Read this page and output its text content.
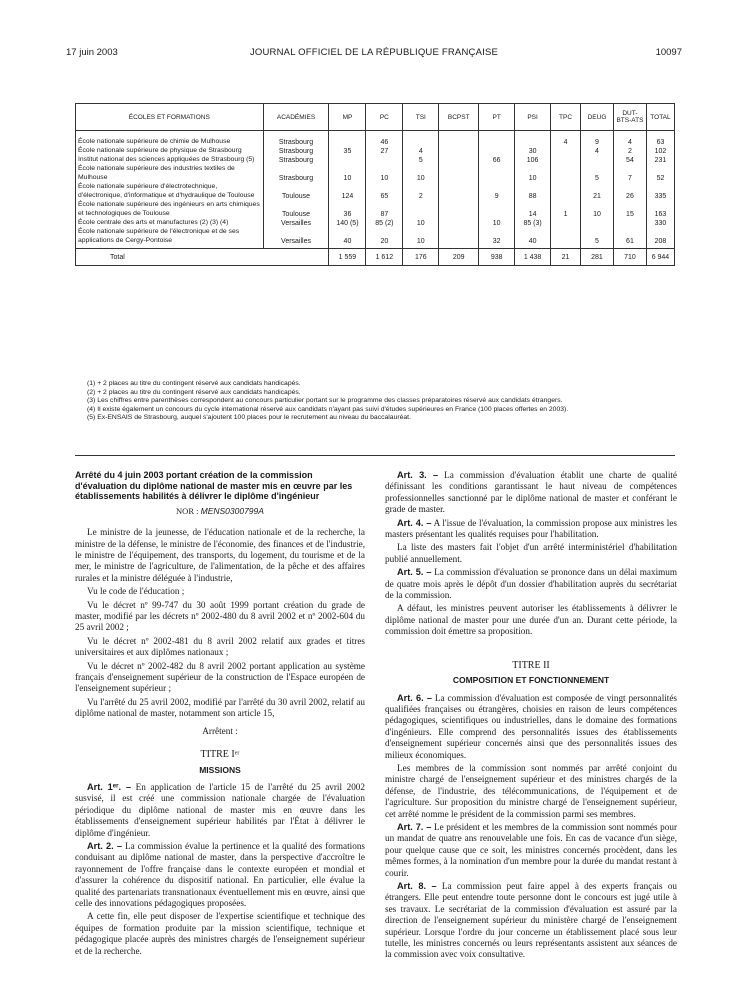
17 juin 2003	JOURNAL OFFICIEL DE LA RÉPUBLIQUE FRANÇAISE	10097
ÉCOLES ET FORMATIONS	ACADÉMIES	MP	PC	TSI	BCPST	PT	PSI	TPC	DEUG	DUT-BTS-ATS	TOTAL
École nationale supérieure de chimie de Mulhouse	Strasbourg		46					4	9	4	63
École nationale supérieure de physique de Strasbourg	Strasbourg	35	27	4			30		4	2	102
Institut national des sciences appliquées de Strasbourg (5)	Strasbourg			5		66	106			54	231
École nationale supérieure des industries textiles de Mulhouse	Strasbourg	10	10	10			10		5	7	52
École nationale supérieure d'électrotechnique, d'électronique, d'informatique et d'hydraulique de Toulouse	Toulouse	124	65	2		9	88		21	26	335
École nationale supérieure des ingénieurs en arts chimiques et technologiques de Toulouse	Toulouse	36	87				14	1	10	15	163
École centrale des arts et manufactures (2) (3) (4)	Versailles	140 (5)	85 (2)	10		10	85 (3)				330
École nationale supérieure de l'électronique et de ses applications de Cergy-Pontoise	Versailles	40	20	10		32	40		5	61	208
Total		1 559	1 612	176	209	938	1 438	21	281	710	6 944
(1) + 2 places au titre du contingent réservé aux candidats handicapés.
(2) + 2 places au titre du contingent réservé aux candidats handicapés.
(3) Les chiffres entre parenthèses correspondent au concours particulier portant sur le programme des classes préparatoires réservé aux candidats étrangers.
(4) Il existe également un concours du cycle international réservé aux candidats n'ayant pas suivi d'études supérieures en France (100 places offertes en 2003).
(5) Ex-ENSAIS de Strasbourg, auquel s'ajoutent 100 places pour le recrutement au niveau du baccalauréat.

Arrêté du 4 juin 2003 portant création de la commission d'évaluation du diplôme national de master mis en œuvre par les établissements habilités à délivrer le diplôme d'ingénieur

NOR : MENS0300799A

Le ministre de la jeunesse, de l'éducation nationale et de la recherche, la ministre de la défense, le ministre de l'économie, des finances et de l'industrie, le ministre de l'équipement, des transports, du logement, du tourisme et de la mer, le ministre de l'agriculture, de l'alimentation, de la pêche et des affaires rurales et la ministre déléguée à l'industrie,

Vu le code de l'éducation ;

Vu le décret nº 99-747 du 30 août 1999 portant création du grade de master, modifié par les décrets nº 2002-480 du 8 avril 2002 et nº 2002-604 du 25 avril 2002 ;

Vu le décret nº 2002-481 du 8 avril 2002 relatif aux grades et titres universitaires et aux diplômes nationaux ;

Vu le décret nº 2002-482 du 8 avril 2002 portant application au système français d'enseignement supérieur de la construction de l'Espace européen de l'enseignement supérieur ;

Vu l'arrêté du 25 avril 2002, modifié par l'arrêté du 30 avril 2002, relatif au diplôme national de master, notamment son article 15,

Arrêtent :

TITRE Iᵉʳ

MISSIONS

Art. 1ᵉʳ. – En application de l'article 15 de l'arrêté du 25 avril 2002 susvisé, il est créé une commission nationale chargée de l'évaluation périodique du diplôme national de master mis en œuvre dans les établissements d'enseignement supérieur habilités par l'État à délivrer le diplôme d'ingénieur.

Art. 2. – La commission évalue la pertinence et la qualité des formations conduisant au diplôme national de master, dans la perspective d'accroître le rayonnement de l'offre française dans le contexte européen et mondial et d'assurer la cohérence du dispositif national. En particulier, elle évalue la qualité des partenariats transnationaux éventuellement mis en œuvre, ainsi que celle des innovations pédagogiques proposées.

A cette fin, elle peut disposer de l'expertise scientifique et technique des équipes de formation produite par la mission scientifique, technique et pédagogique placée auprès des ministres chargés de l'enseignement supérieur et de la recherche.

Art. 3. – La commission d'évaluation établit une charte de qualité définissant les conditions garantissant le haut niveau de compétences professionnelles sanctionné par le diplôme national de master et conférant le grade de master.

Art. 4. – A l'issue de l'évaluation, la commission propose aux ministres les masters présentant les qualités requises pour l'habilitation.

La liste des masters fait l'objet d'un arrêté interministériel d'habilitation publié annuellement.

Art. 5. – La commission d'évaluation se prononce dans un délai maximum de quatre mois après le dépôt d'un dossier d'habilitation auprès du secrétariat de la commission.

A défaut, les ministres peuvent autoriser les établissements à délivrer le diplôme national de master pour une durée d'un an. Durant cette période, la commission doit émettre sa proposition.

TITRE II

COMPOSITION ET FONCTIONNEMENT

Art. 6. – La commission d'évaluation est composée de vingt personnalités qualifiées françaises ou étrangères, choisies en raison de leurs compétences pédagogiques, scientifiques ou industrielles, dans le domaine des formations d'ingénieurs. Elle comprend des personnalités issues des établissements d'enseignement supérieur concernés ainsi que des personnalités issues des milieux économiques.

Les membres de la commission sont nommés par arrêté conjoint du ministre chargé de l'enseignement supérieur et des ministres chargés de la défense, de l'industrie, des télécommunications, de l'équipement et de l'agriculture. Sur proposition du ministre chargé de l'enseignement supérieur, cet arrêté nomme le président de la commission parmi ses membres.

Art. 7. – Le président et les membres de la commission sont nommés pour un mandat de quatre ans renouvelable une fois. En cas de vacance d'un siège, pour quelque cause que ce soit, les ministres concernés procèdent, dans les mêmes formes, à la nomination d'un membre pour la durée du mandat restant à courir.

Art. 8. – La commission peut faire appel à des experts français ou étrangers. Elle peut entendre toute personne dont le concours est jugé utile à ses travaux. Le secrétariat de la commission d'évaluation est assuré par la direction de l'enseignement supérieur du ministère chargé de l'enseignement supérieur. Lorsque l'ordre du jour concerne un établissement placé sous leur tutelle, les ministres concernés ou leurs représentants assistent aux séances de la commission avec voix consultative.
